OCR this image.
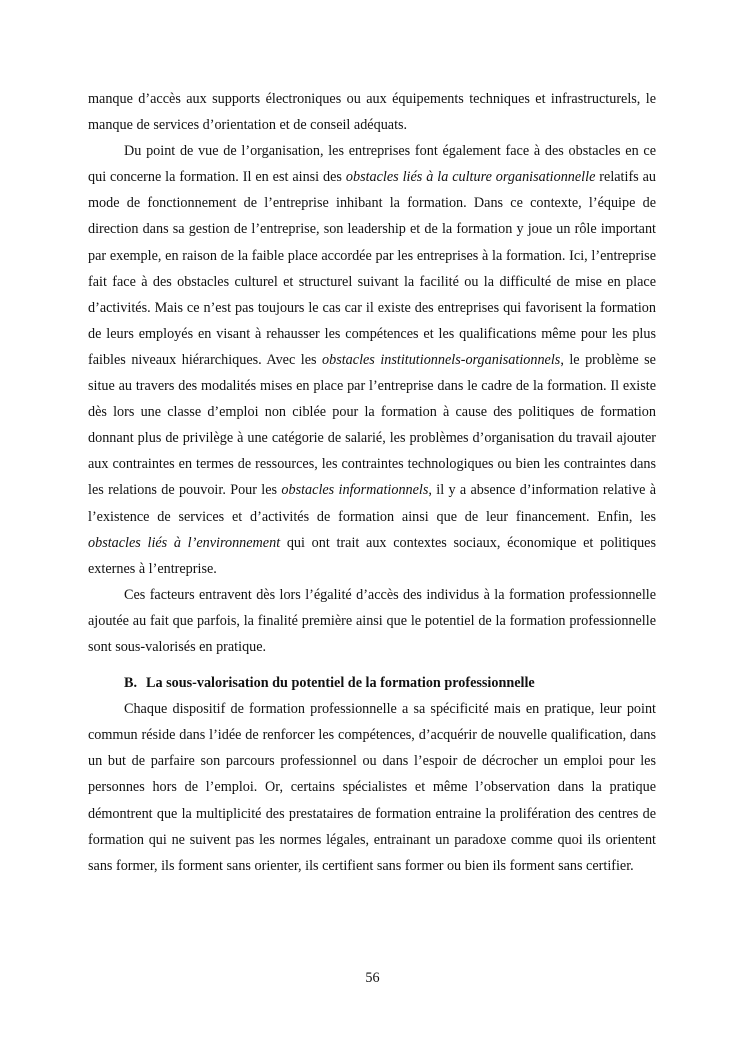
manque d’accès aux supports électroniques ou aux équipements techniques et infrastructurels, le manque de services d’orientation et de conseil adéquats.

Du point de vue de l’organisation, les entreprises font également face à des obstacles en ce qui concerne la formation. Il en est ainsi des obstacles liés à la culture organisationnelle relatifs au mode de fonctionnement de l’entreprise inhibant la formation. Dans ce contexte, l’équipe de direction dans sa gestion de l’entreprise, son leadership et de la formation y joue un rôle important par exemple, en raison de la faible place accordée par les entreprises à la formation. Ici, l’entreprise fait face à des obstacles culturel et structurel suivant la facilité ou la difficulté de mise en place d’activités. Mais ce n’est pas toujours le cas car il existe des entreprises qui favorisent la formation de leurs employés en visant à rehausser les compétences et les qualifications même pour les plus faibles niveaux hiérarchiques. Avec les obstacles institutionnels-organisationnels, le problème se situe au travers des modalités mises en place par l’entreprise dans le cadre de la formation. Il existe dès lors une classe d’emploi non ciblée pour la formation à cause des politiques de formation donnant plus de privilège à une catégorie de salarié, les problèmes d’organisation du travail ajouter aux contraintes en termes de ressources, les contraintes technologiques ou bien les contraintes dans les relations de pouvoir. Pour les obstacles informationnels, il y a absence d’information relative à l’existence de services et d’activités de formation ainsi que de leur financement. Enfin, les obstacles liés à l’environnement qui ont trait aux contextes sociaux, économique et politiques externes à l’entreprise.

Ces facteurs entravent dès lors l’égalité d’accès des individus à la formation professionnelle ajoutée au fait que parfois, la finalité première ainsi que le potentiel de la formation professionnelle sont sous-valorisés en pratique.

B. La sous-valorisation du potentiel de la formation professionnelle

Chaque dispositif de formation professionnelle a sa spécificité mais en pratique, leur point commun réside dans l’idée de renforcer les compétences, d’acquérir de nouvelle qualification, dans un but de parfaire son parcours professionnel ou dans l’espoir de décrocher un emploi pour les personnes hors de l’emploi. Or, certains spécialistes et même l’observation dans la pratique démontrent que la multiplicité des prestataires de formation entraine la prolifération des centres de formation qui ne suivent pas les normes légales, entrainant un paradoxe comme quoi ils orientent sans former, ils forment sans orienter, ils certifient sans former ou bien ils forment sans certifier.

56
